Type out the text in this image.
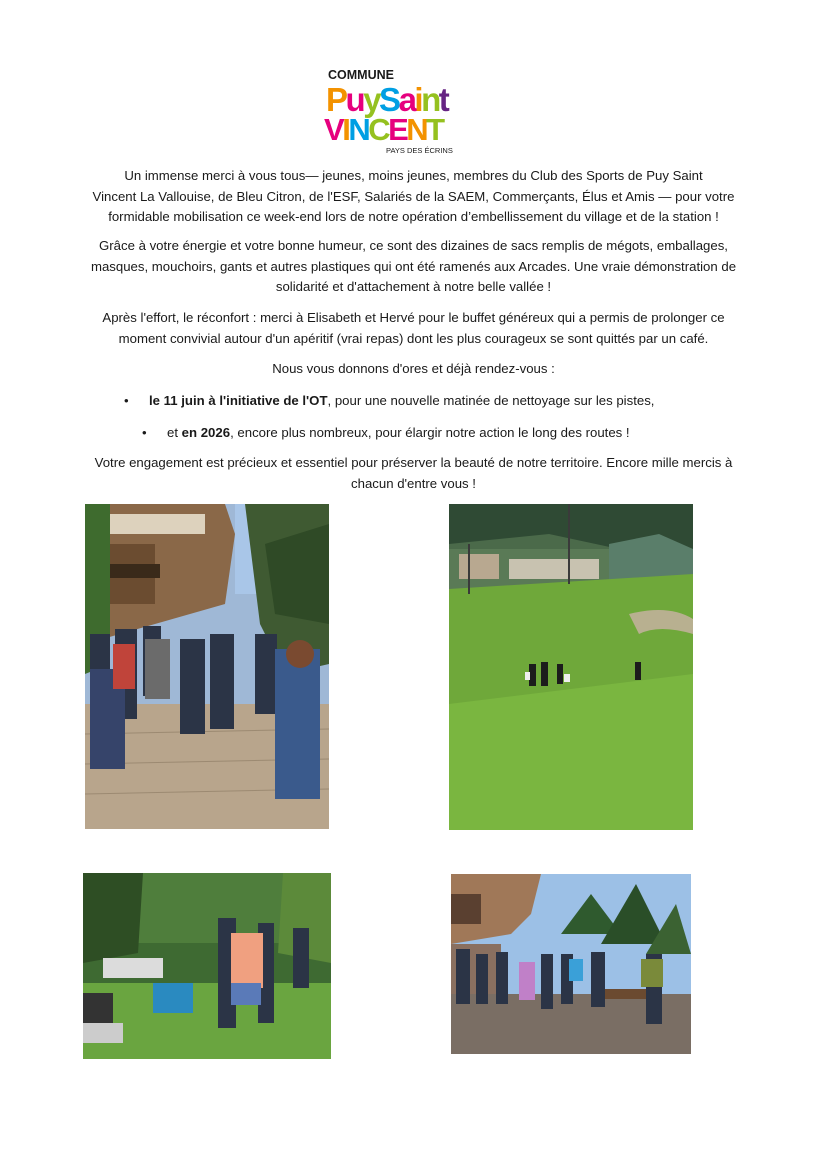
COMMUNE
PuySaint
VINCENT
PAYS DES ÉCRINS

Un immense merci à vous tous— jeunes, moins jeunes, membres du Club des Sports de Puy Saint
Vincent La Vallouise, de Bleu Citron, de l'ESF, Salariés de la SAEM, Commerçants, Élus et Amis — pour votre
formidable mobilisation ce week-end lors de notre opération d’embellissement du village et de la station !

Grâce à votre énergie et votre bonne humeur, ce sont des dizaines de sacs remplis de mégots, emballages,
masques, mouchoirs, gants et autres plastiques qui ont été ramenés aux Arcades. Une vraie démonstration de
solidarité et d'attachement à notre belle vallée !

Après l'effort, le réconfort : merci à Elisabeth et Hervé pour le buffet généreux qui a permis de prolonger ce
moment convivial autour d'un apéritif (vrai repas) dont les plus courageux se sont quittés par un café.

Nous vous donnons d'ores et déjà rendez-vous :

• le 11 juin à l'initiative de l'OT, pour une nouvelle matinée de nettoyage sur les pistes,
• et en 2026, encore plus nombreux, pour élargir notre action le long des routes !

Votre engagement est précieux et essentiel pour préserver la beauté de notre territoire. Encore mille mercis à
chacun d'entre vous !
